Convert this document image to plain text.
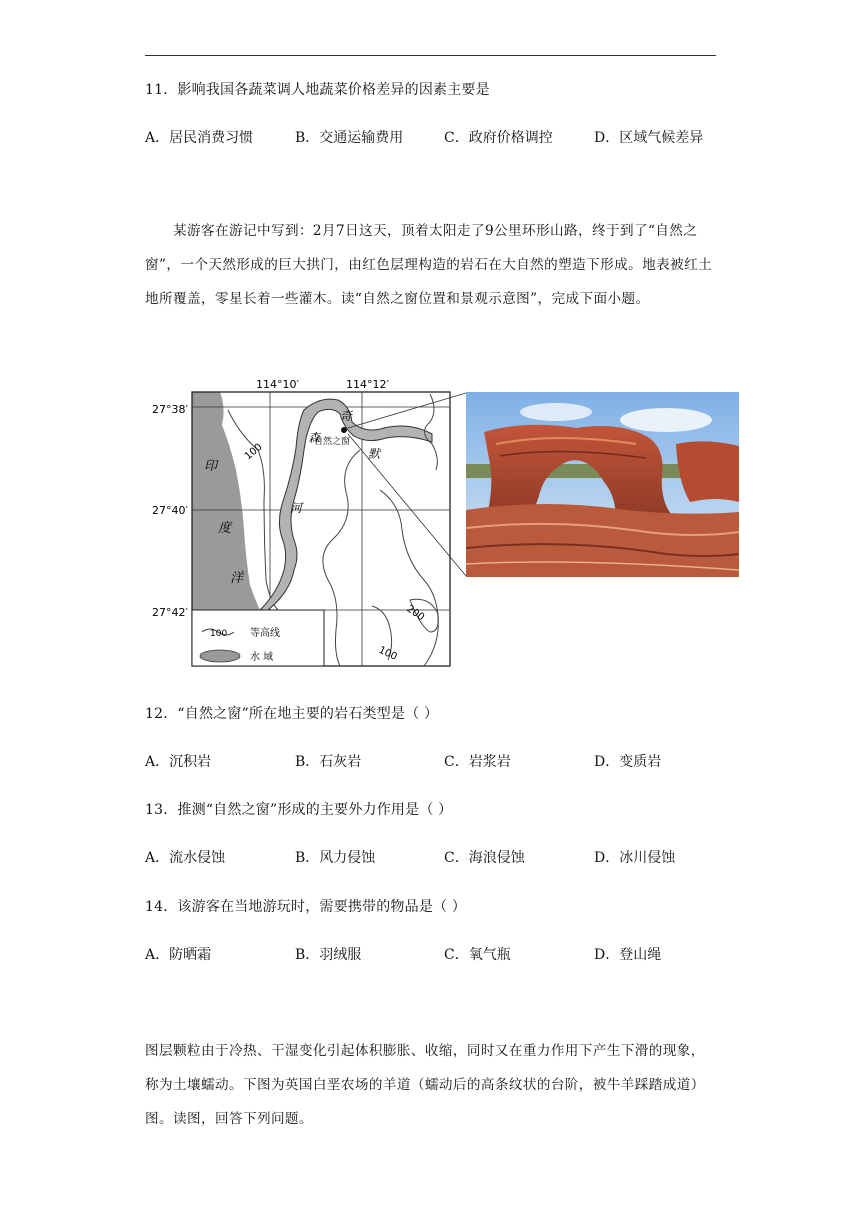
11．影响我国各蔬菜调人地蔬菜价格差异的因素主要是
A．居民消费习惯	B．交通运输费用	C．政府价格调控	D．区域气候差异
某游客在游记中写到：2月7日这天，顶着太阳走了9公里环形山路，终于到了“自然之窗”，一个天然形成的巨大拱门，由红色层理构造的岩石在大自然的塑造下形成。地表被红土地所覆盖，零星长着一些灌木。读“自然之窗位置和景观示意图”，完成下面小题。
114°10′	114°12′
27°38′
27°40′
27°42′
印
度
洋
森
河
奇
默
自然之窗
100
200
100
100 等高线
水 域
12．“自然之窗”所在地主要的岩石类型是（ ）
A．沉积岩	B．石灰岩	C．岩浆岩	D．变质岩
13．推测“自然之窗”形成的主要外力作用是（ ）
A．流水侵蚀	B．风力侵蚀	C．海浪侵蚀	D．冰川侵蚀
14．该游客在当地游玩时，需要携带的物品是（ ）
A．防晒霜	B．羽绒服	C．氧气瓶	D．登山绳
图层颗粒由于冷热、干湿变化引起体积膨胀、收缩，同时又在重力作用下产生下滑的现象，称为土壤蠕动。下图为英国白垩农场的羊道（蠕动后的高条纹状的台阶，被牛羊踩踏成道）图。读图，回答下列问题。
